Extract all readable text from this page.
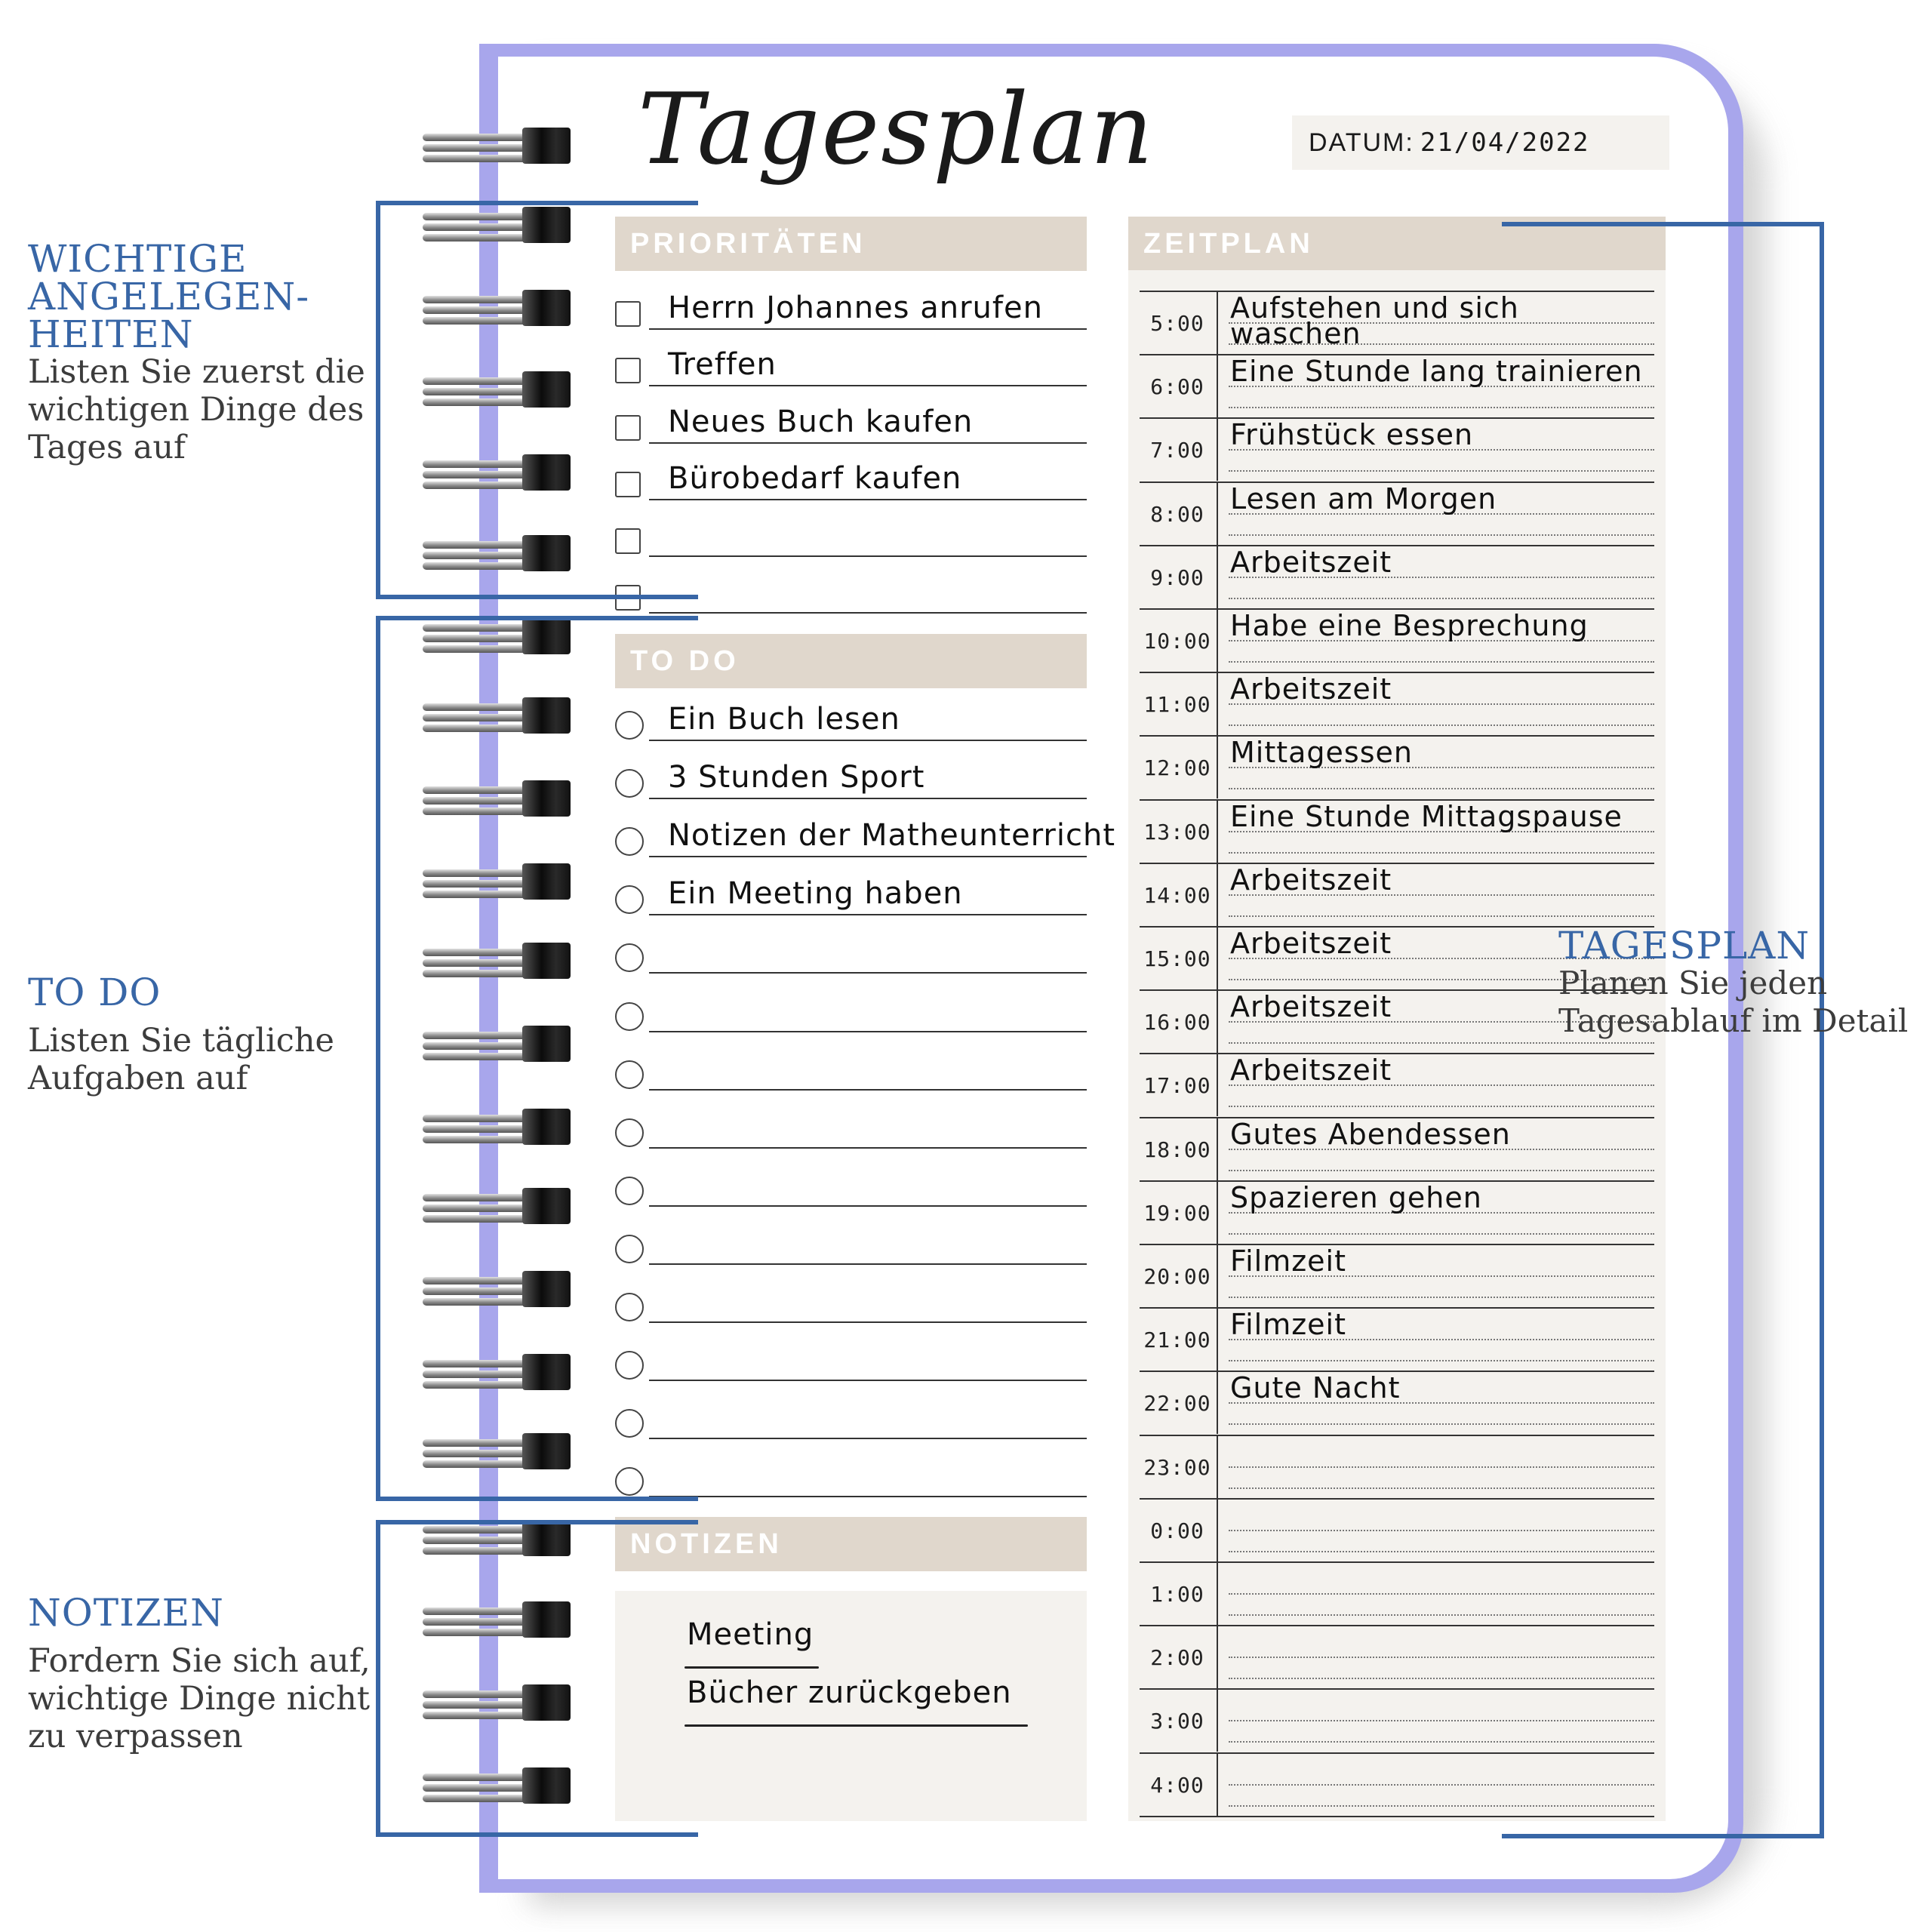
Tagesplan	DATUM: 21/04/2022
PRIORITÄTEN
Herrn Johannes anrufen
Treffen
Neues Buch kaufen
Bürobedarf kaufen
TO DO
Ein Buch lesen
3 Stunden Sport
Notizen der Matheunterricht
Ein Meeting haben
NOTIZEN
Meeting
Bücher zurückgeben
ZEITPLAN
5:00 Aufstehen und sich
waschen
6:00 Eine Stunde lang trainieren
7:00 Frühstück essen
8:00 Lesen am Morgen
9:00 Arbeitszeit
10:00 Habe eine Besprechung
11:00 Arbeitszeit
12:00 Mittagessen
13:00 Eine Stunde Mittagspause
14:00 Arbeitszeit
15:00 Arbeitszeit
16:00 Arbeitszeit
17:00 Arbeitszeit
18:00 Gutes Abendessen
19:00 Spazieren gehen
20:00 Filmzeit
21:00 Filmzeit
22:00 Gute Nacht
23:00
0:00
1:00
2:00
3:00
4:00
WICHTIGE
ANGELEGEN-
HEITEN
Listen Sie zuerst die
wichtigen Dinge des
Tages auf
TO DO
Listen Sie tägliche
Aufgaben auf
NOTIZEN
Fordern Sie sich auf,
wichtige Dinge nicht
zu verpassen
TAGESPLAN
Planen Sie jeden
Tagesablauf im Detail
